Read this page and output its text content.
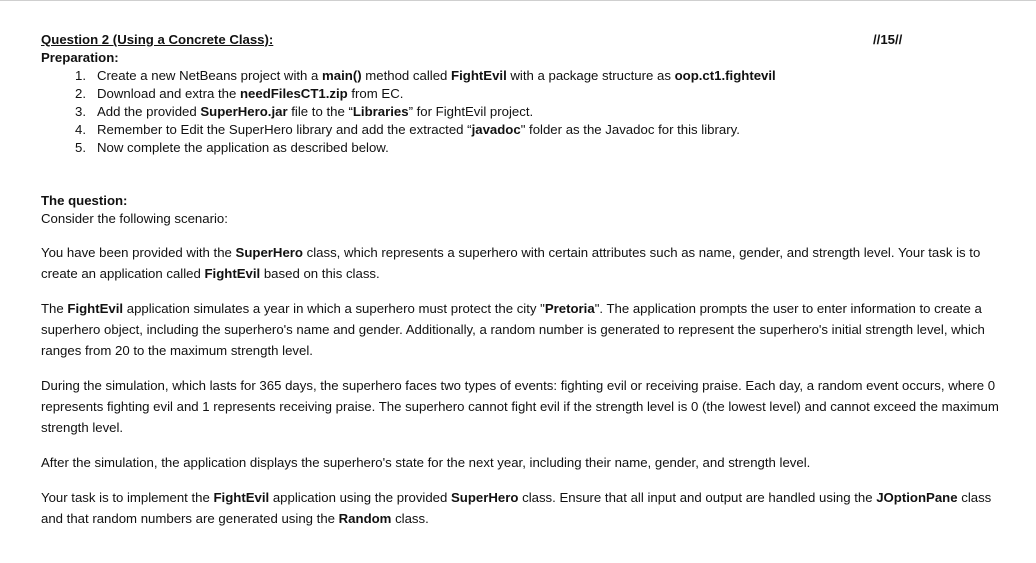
//15//
Question 2 (Using a Concrete Class):
Preparation:
1. Create a new NetBeans project with a main() method called FightEvil with a package structure as oop.ct1.fightevil
2. Download and extra the needFilesCT1.zip from EC.
3. Add the provided SuperHero.jar file to the “Libraries” for FightEvil project.
4. Remember to Edit the SuperHero library and add the extracted “javadoc" folder as the Javadoc for this library.
5. Now complete the application as described below.
The question:
Consider the following scenario:

You have been provided with the SuperHero class, which represents a superhero with certain attributes such as name, gender, and strength level. Your task is to create an application called FightEvil based on this class.

The FightEvil application simulates a year in which a superhero must protect the city "Pretoria". The application prompts the user to enter information to create a superhero object, including the superhero's name and gender. Additionally, a random number is generated to represent the superhero's initial strength level, which ranges from 20 to the maximum strength level.

During the simulation, which lasts for 365 days, the superhero faces two types of events: fighting evil or receiving praise. Each day, a random event occurs, where 0 represents fighting evil and 1 represents receiving praise. The superhero cannot fight evil if the strength level is 0 (the lowest level) and cannot exceed the maximum strength level.

After the simulation, the application displays the superhero's state for the next year, including their name, gender, and strength level.

Your task is to implement the FightEvil application using the provided SuperHero class. Ensure that all input and output are handled using the JOptionPane class and that random numbers are generated using the Random class.
